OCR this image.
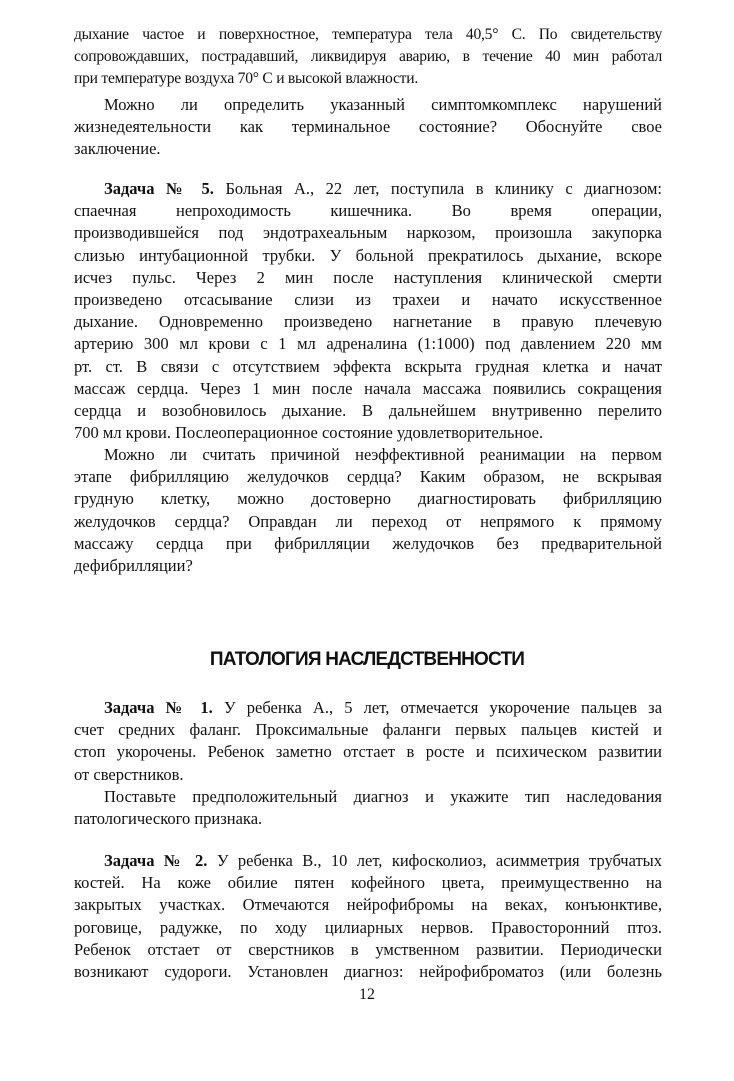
дыхание частое и поверхностное, температура тела 40,5° С. По свидетельству
сопровождавших, пострадавший, ликвидируя аварию, в течение 40 мин работал
при температуре воздуха 70° С и высокой влажности.
Можно ли определить указанный симптомкомплекс нарушений
жизнедеятельности как терминальное состояние? Обоснуйте свое
заключение.
Задача № 5. Больная А., 22 лет, поступила в клинику с диагнозом:
спаечная непроходимость кишечника. Во время операции,
производившейся под эндотрахеальным наркозом, произошла закупорка
слизью интубационной трубки. У больной прекратилось дыхание, вскоре
исчез пульс. Через 2 мин после наступления клинической смерти
произведено отсасывание слизи из трахеи и начато искусственное
дыхание. Одновременно произведено нагнетание в правую плечевую
артерию 300 мл крови с 1 мл адреналина (1:1000) под давлением 220 мм
рт. ст. В связи с отсутствием эффекта вскрыта грудная клетка и начат
массаж сердца. Через 1 мин после начала массажа появились сокращения
сердца и возобновилось дыхание. В дальнейшем внутривенно перелито
700 мл крови. Послеоперационное состояние удовлетворительное.
Можно ли считать причиной неэффективной реанимации на первом
этапе фибрилляцию желудочков сердца? Каким образом, не вскрывая
грудную клетку, можно достоверно диагностировать фибрилляцию
желудочков сердца? Оправдан ли переход от непрямого к прямому
массажу сердца при фибрилляции желудочков без предварительной
дефибрилляции?
ПАТОЛОГИЯ НАСЛЕДСТВЕННОСТИ
Задача № 1. У ребенка А., 5 лет, отмечается укорочение пальцев за
счет средних фаланг. Проксимальные фаланги первых пальцев кистей и
стоп укорочены. Ребенок заметно отстает в росте и психическом развитии
от сверстников.
Поставьте предположительный диагноз и укажите тип наследования
патологического признака.
Задача № 2. У ребенка В., 10 лет, кифосколиоз, асимметрия трубчатых
костей. На коже обилие пятен кофейного цвета, преимущественно на
закрытых участках. Отмечаются нейрофибромы на веках, конъюнктиве,
роговице, радужке, по ходу цилиарных нервов. Правосторонний птоз.
Ребенок отстает от сверстников в умственном развитии. Периодически
возникают судороги. Установлен диагноз: нейрофиброматоз (или болезнь
12
